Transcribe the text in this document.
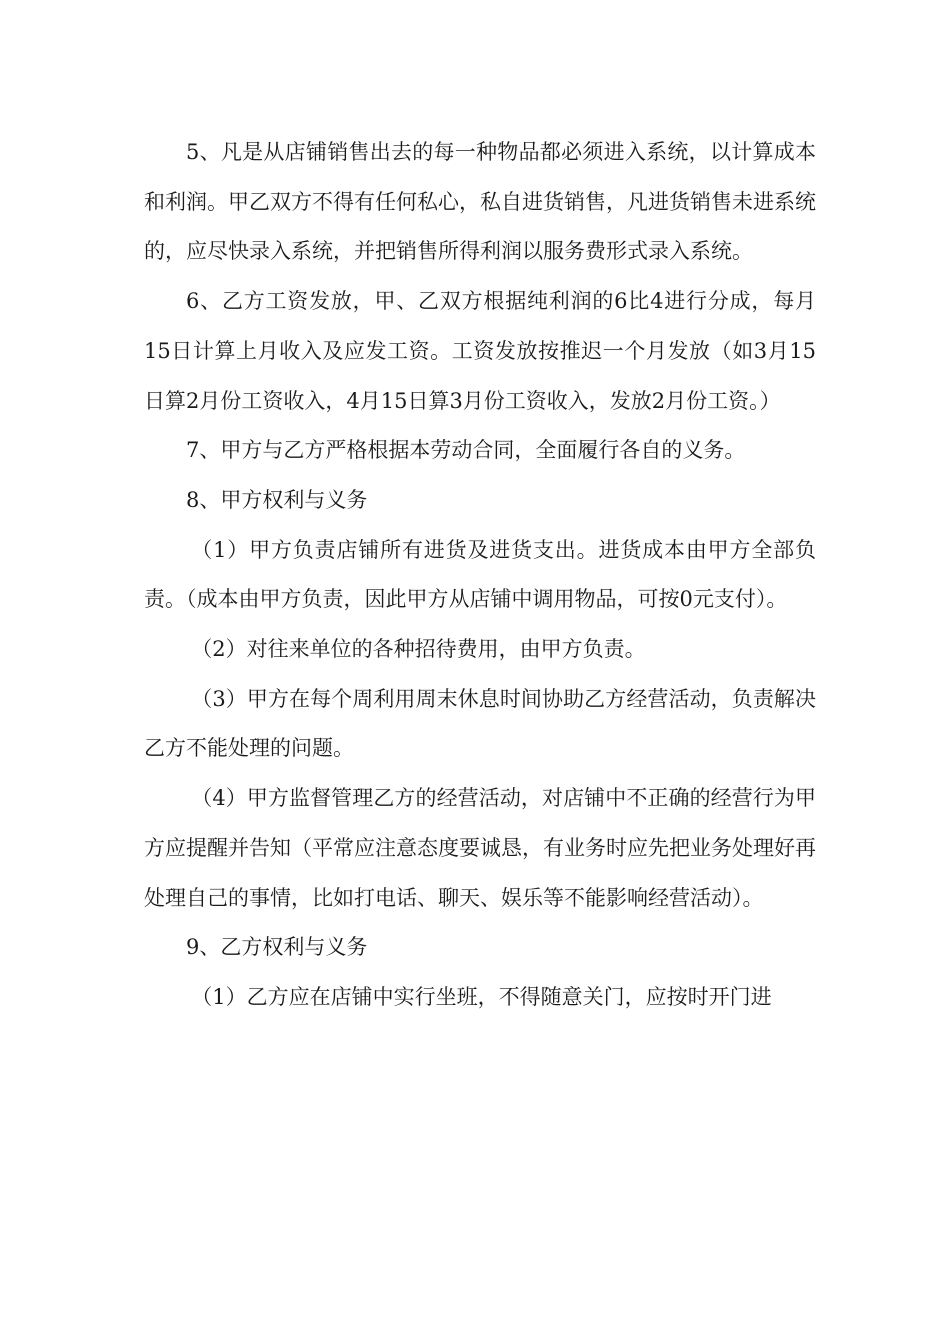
5、凡是从店铺销售出去的每一种物品都必须进入系统，以计算成本和利润。甲乙双方不得有任何私心，私自进货销售，凡进货销售未进系统的，应尽快录入系统，并把销售所得利润以服务费形式录入系统。

6、乙方工资发放，甲、乙双方根据纯利润的6比4进行分成，每月15日计算上月收入及应发工资。工资发放按推迟一个月发放（如3月15日算2月份工资收入，4月15日算3月份工资收入，发放2月份工资。）

7、甲方与乙方严格根据本劳动合同，全面履行各自的义务。

8、甲方权利与义务

（1）甲方负责店铺所有进货及进货支出。进货成本由甲方全部负责。（成本由甲方负责，因此甲方从店铺中调用物品，可按0元支付）。

（2）对往来单位的各种招待费用，由甲方负责。

（3）甲方在每个周利用周末休息时间协助乙方经营活动，负责解决乙方不能处理的问题。

（4）甲方监督管理乙方的经营活动，对店铺中不正确的经营行为甲方应提醒并告知（平常应注意态度要诚恳，有业务时应先把业务处理好再处理自己的事情，比如打电话、聊天、娱乐等不能影响经营活动）。

9、乙方权利与义务

（1）乙方应在店铺中实行坐班，不得随意关门，应按时开门进
